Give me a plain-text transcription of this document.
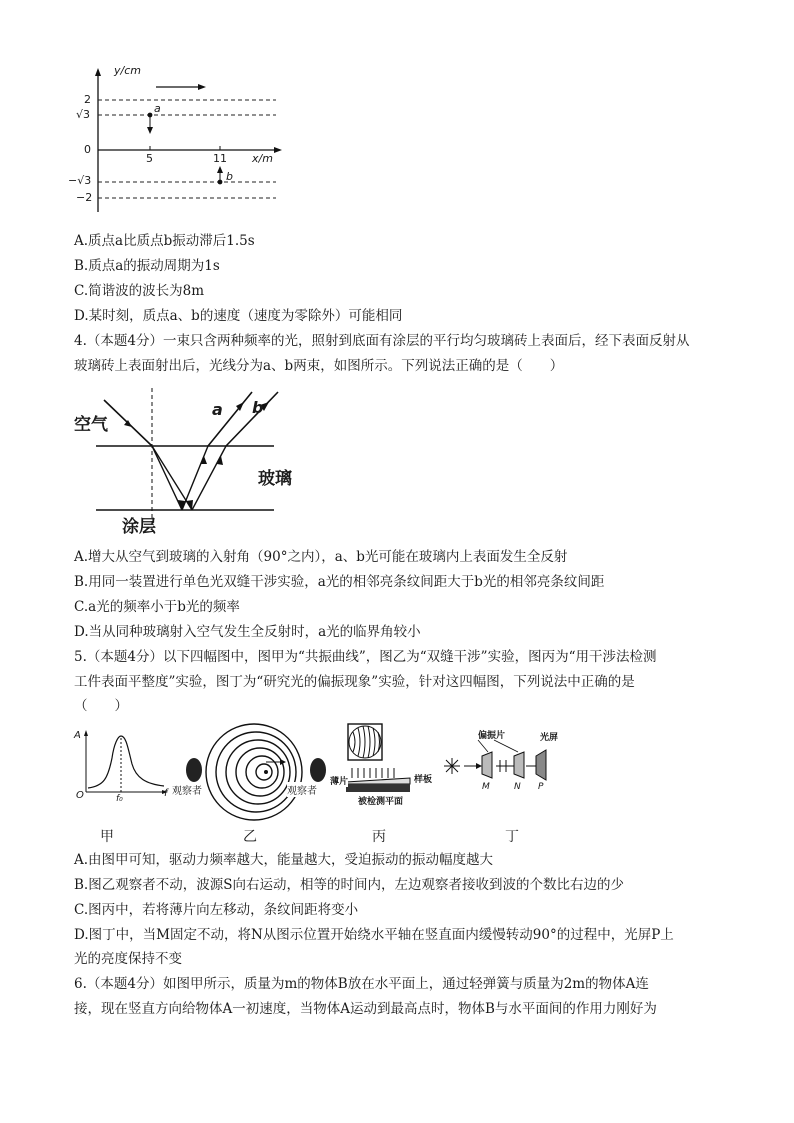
y/cm
x/m
2
√3
0
−√3
−2
5	11
a
b
A.质点a比质点b振动滞后1.5s
B.质点a的振动周期为1s
C.简谐波的波长为8m
D.某时刻，质点a、b的速度（速度为零除外）可能相同
4.（本题4分）一束只含两种频率的光，照射到底面有涂层的平行均匀玻璃砖上表面后，经下表面反射从
玻璃砖上表面射出后，光线分为a、b两束，如图所示。下列说法正确的是（　　）
空气
玻璃
涂层
a b
A.增大从空气到玻璃的入射角（90°之内），a、b光可能在玻璃内上表面发生全反射
B.用同一装置进行单色光双缝干涉实验，a光的相邻亮条纹间距大于b光的相邻亮条纹间距
C.a光的频率小于b光的频率
D.当从同种玻璃射入空气发生全反射时，a光的临界角较小
5.（本题4分）以下四幅图中，图甲为“共振曲线”，图乙为“双缝干涉”实验，图丙为“用干涉法检测
工件表面平整度”实验，图丁为“研究光的偏振现象”实验，针对这四幅图，下列说法中正确的是
（　　）
A
f
O	f₀
观察者	观察者
薄片	样板
被检测平面
偏振片	光屏
M	N P
甲	乙	丙	丁
A.由图甲可知，驱动力频率越大，能量越大，受迫振动的振动幅度越大
B.图乙观察者不动，波源S向右运动，相等的时间内，左边观察者接收到波的个数比右边的少
C.图丙中，若将薄片向左移动，条纹间距将变小
D.图丁中，当M固定不动，将N从图示位置开始绕水平轴在竖直面内缓慢转动90°的过程中，光屏P上
光的亮度保持不变
6.（本题4分）如图甲所示，质量为m的物体B放在水平面上，通过轻弹簧与质量为2m的物体A连
接，现在竖直方向给物体A一初速度，当物体A运动到最高点时，物体B与水平面间的作用力刚好为
